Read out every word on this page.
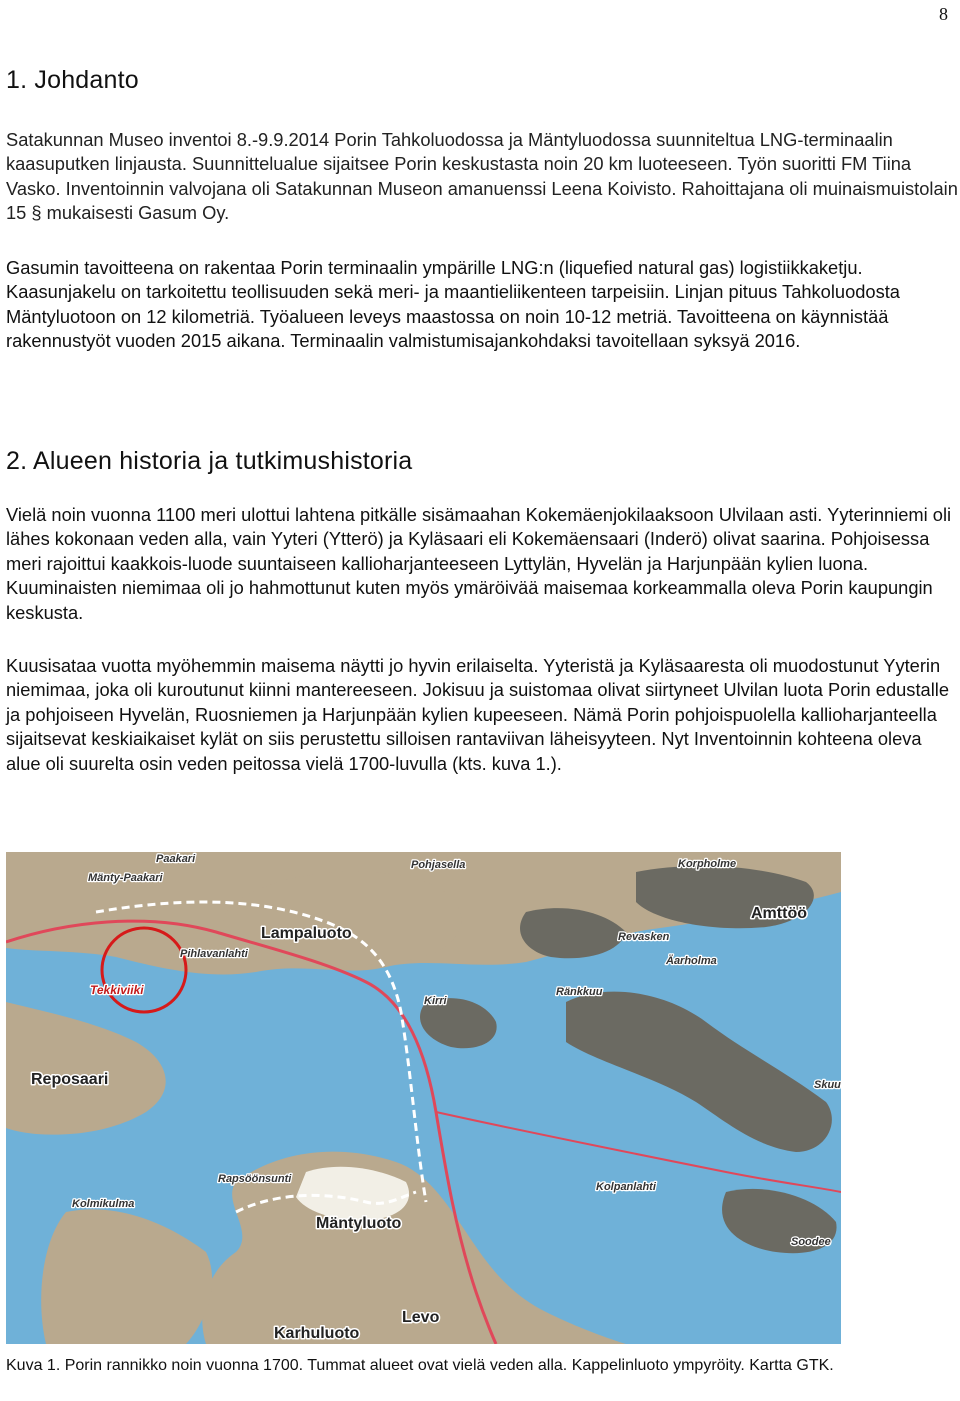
8
1. Johdanto

Satakunnan Museo inventoi 8.-9.9.2014 Porin Tahkoluodossa ja Mäntyluodossa suunniteltua LNG-terminaalin kaasuputken linjausta. Suunnittelualue sijaitsee Porin keskustasta noin 20 km luoteeseen. Työn suoritti FM Tiina Vasko. Inventoinnin valvojana oli Satakunnan Museon amanuenssi Leena Koivisto. Rahoittajana oli muinaismuistolain 15 § mukaisesti Gasum Oy.

Gasumin tavoitteena on rakentaa Porin terminaalin ympärille LNG:n (liquefied natural gas) logistiikkaketju. Kaasunjakelu on tarkoitettu teollisuuden sekä meri- ja maantieliikenteen tarpeisiin. Linjan pituus Tahkoluodosta Mäntyluotoon on 12 kilometriä. Työalueen leveys maastossa on noin 10-12 metriä. Tavoitteena on käynnistää rakennustyöt vuoden 2015 aikana. Terminaalin valmistumisajankohdaksi tavoitellaan syksyä 2016.

2. Alueen historia ja tutkimushistoria

Vielä noin vuonna 1100 meri ulottui lahtena pitkälle sisämaahan Kokemäenjokilaaksoon Ulvilaan asti. Yyterinniemi oli lähes kokonaan veden alla, vain Yyteri (Ytterö) ja Kyläsaari eli Kokemäensaari (Inderö) olivat saarina. Pohjoisessa meri rajoittui kaakkois-luode suuntaiseen kallioharjanteeseen Lyttylän, Hyvelän ja Harjunpään kylien luona. Kuuminaisten niemimaa oli jo hahmottunut kuten myös ymäröivää maisemaa korkeammalla oleva Porin kaupungin keskusta.

Kuusisataa vuotta myöhemmin maisema näytti jo hyvin erilaiselta. Yyteristä ja Kyläsaaresta oli muodostunut Yyterin niemimaa, joka oli kuroutunut kiinni mantereeseen. Jokisuu ja suistomaa olivat siirtyneet Ulvilan luota Porin edustalle ja pohjoiseen Hyvelän, Ruosniemen ja Harjunpään kylien kupeeseen. Nämä Porin pohjoispuolella kallioharjanteella sijaitsevat keskiaikaiset kylät on siis perustettu silloisen rantaviivan läheisyyteen. Nyt Inventoinnin kohteena oleva alue oli suurelta osin veden peitossa vielä 1700-luvulla (kts. kuva 1.).

Paakari
Mänty-Paakari
Pohjasella	Korpholme
Amttöö
Lampaluoto
Pihlavanlahti
Revasken
Äarholma
Tekkiviiki
Kirri
Ränkkuu
Reposaari	Skuu
Rapsöönsunti
Kolpanlahti
Mäntyluoto
Kolmikulma
Soodee
Karhuluoto
Levo

Kuva 1. Porin rannikko noin vuonna 1700. Tummat alueet ovat vielä veden alla. Kappelinluoto ympyröity. Kartta GTK.
